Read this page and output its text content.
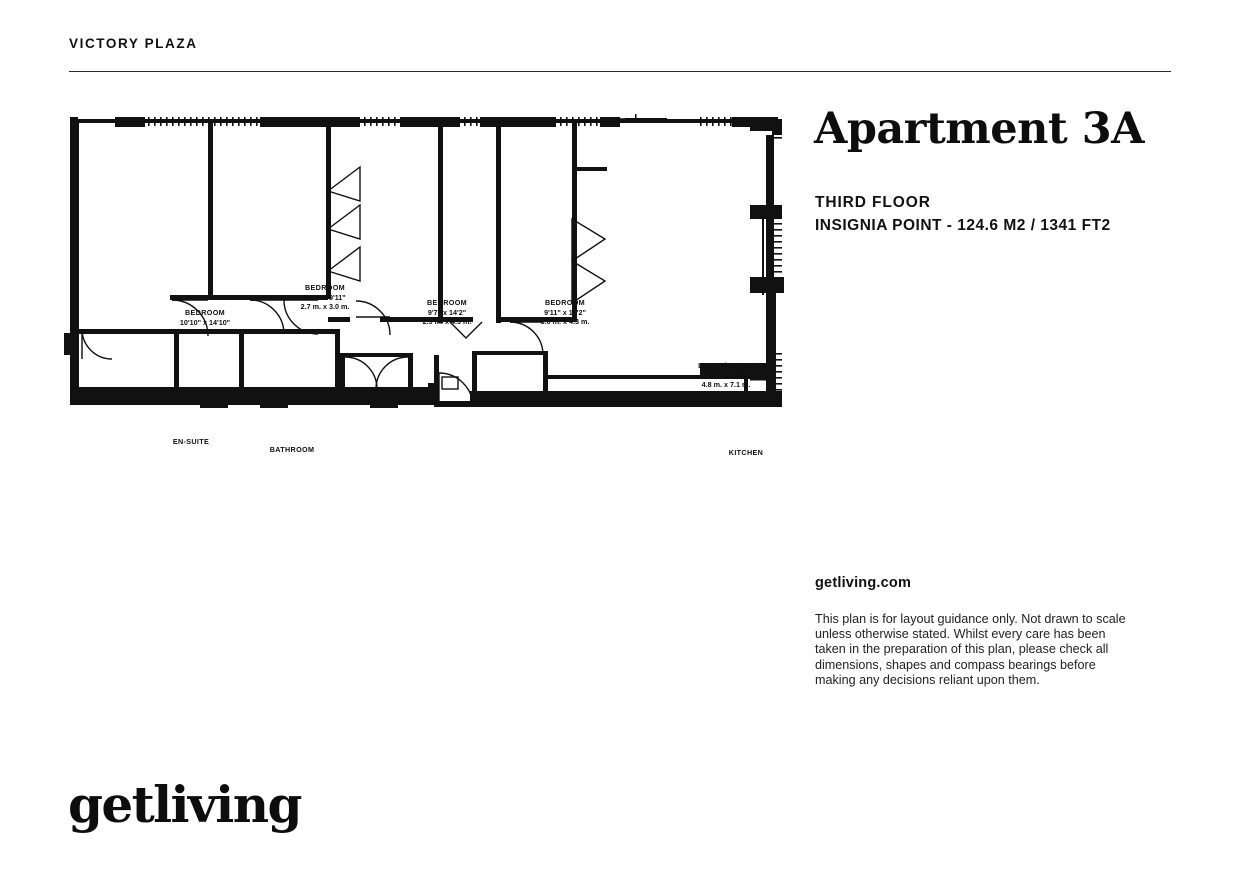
VICTORY PLAZA
BEDROOM
10'10" x 14'10"
3.3 m. x 4.5 m.
BEDROOM
8'11" x 9'11"
2.7 m. x 3.0 m.	BEDROOM
9'7" x 14'2"
2.9 m. x 4.3 m.
BEDROOM
9'11" x 14'2"
3.0 m. x 4.3 m.
LIVING/DINING
15'9" x 23'4"
4.8 m. x 7.1 m.
EN-SUITE
BATHROOM	KITCHEN
Apartment 3A
THIRD FLOOR
INSIGNIA POINT - 124.6 M2 / 1341 FT2
getliving.com
This plan is for layout guidance only. Not drawn to scale unless otherwise stated. Whilst every care has been taken in the preparation of this plan, please check all dimensions, shapes and compass bearings before making any decisions reliant upon them.
getliving
